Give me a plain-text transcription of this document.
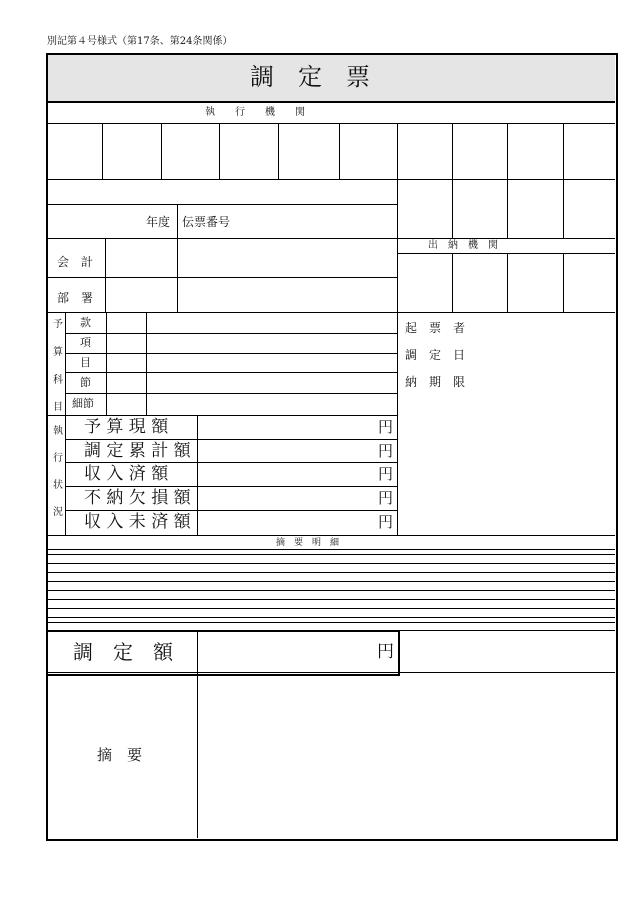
別記第４号様式（第17条、第24条関係）
調　定　票
執　　行　　機　　関
年度 伝票番号
会　計
部　署
出　納　機　関
予
算
科
目
款
項
目
節
細節
起　票　者
調　定　日
納　期　限
執
行
状
況
予 算 現 額
調 定 累 計 額
収 入 済 額
不 納 欠 損 額
収 入 未 済 額
円
円
円
円
円
摘　要　明　細
調　定　額	円
摘　要
